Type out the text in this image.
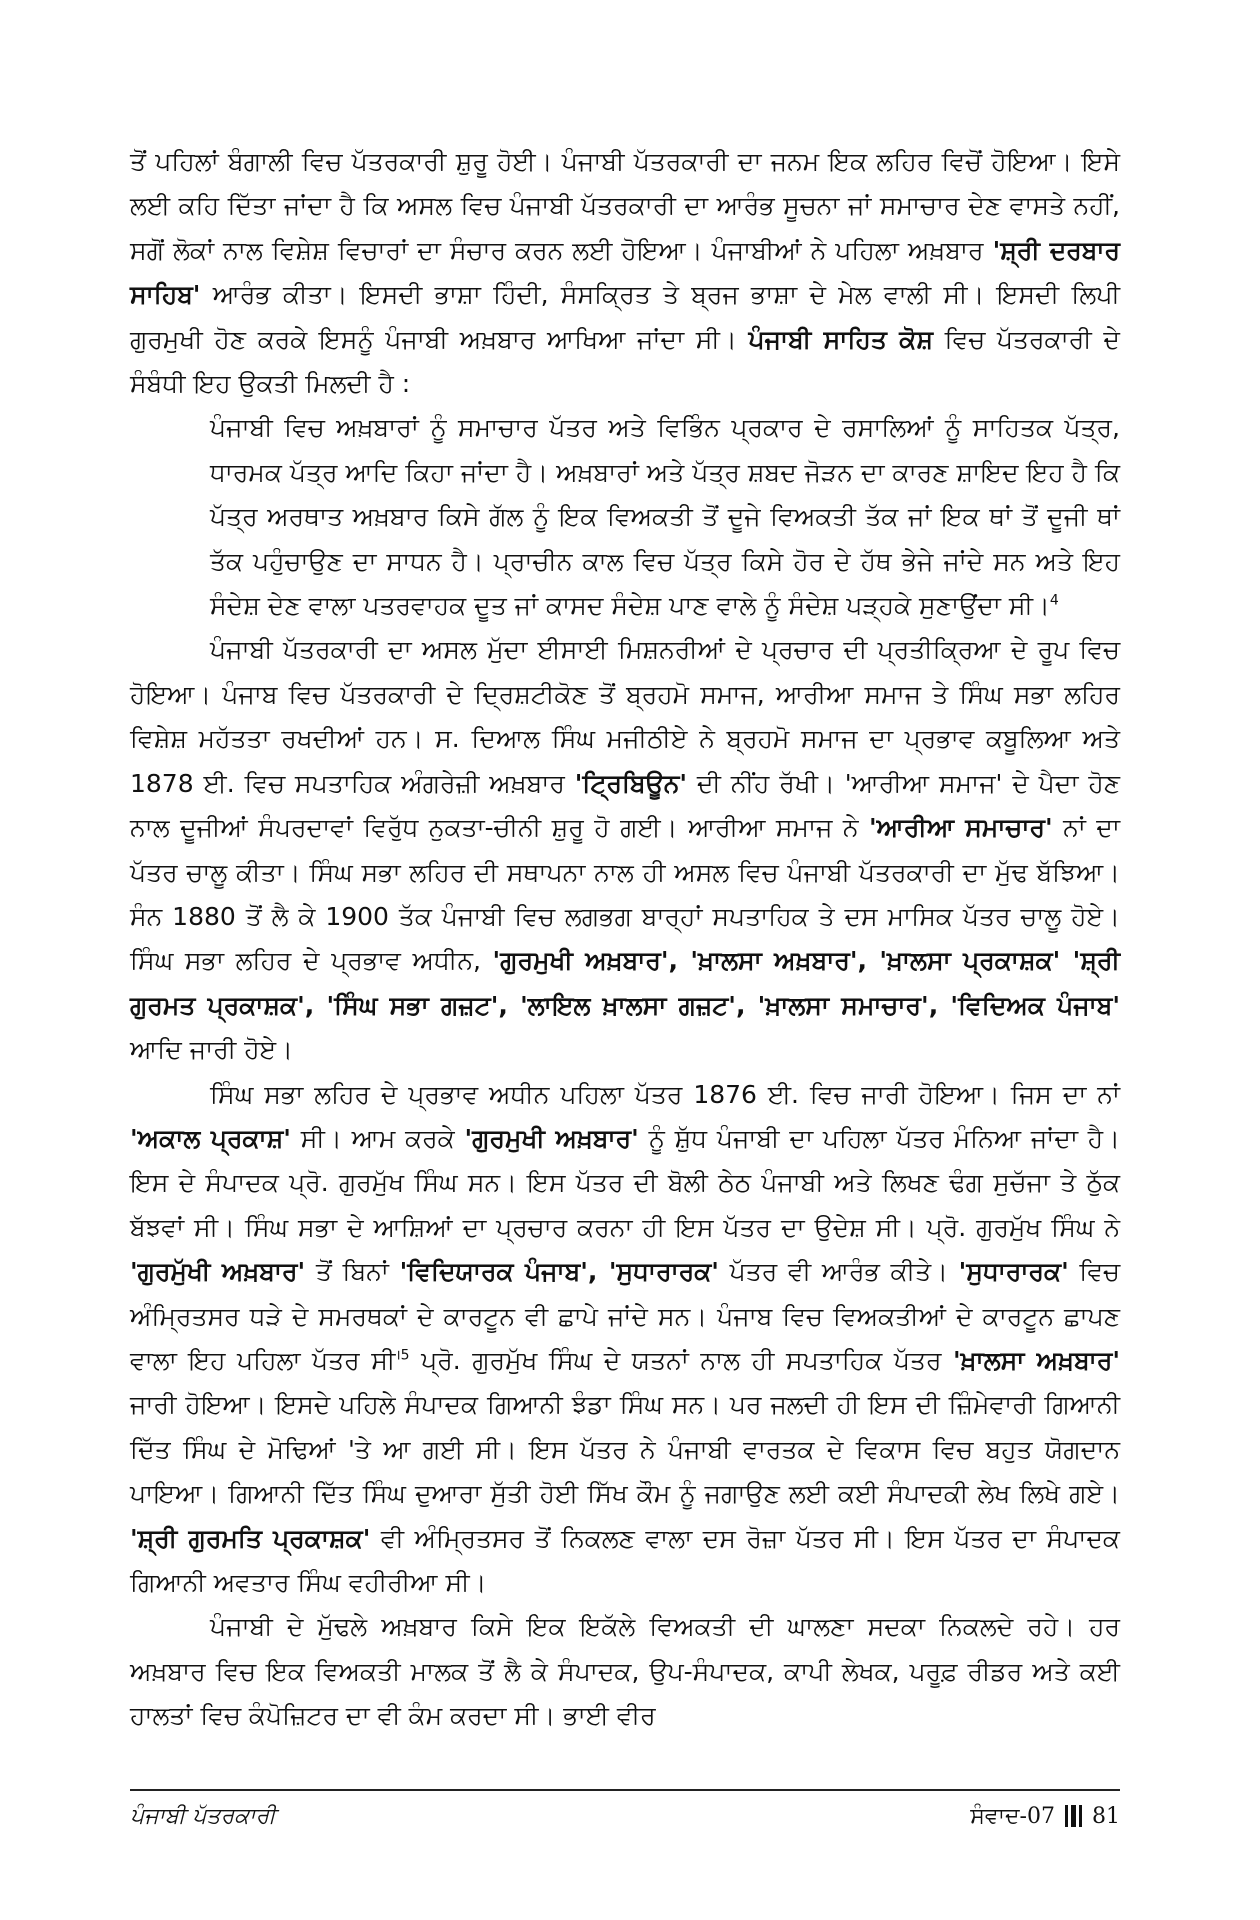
ਤੋਂ ਪਹਿਲਾਂ ਬੰਗਾਲੀ ਵਿਚ ਪੱਤਰਕਾਰੀ ਸ਼ੁਰੂ ਹੋਈ। ਪੰਜਾਬੀ ਪੱਤਰਕਾਰੀ ਦਾ ਜਨਮ ਇਕ ਲਹਿਰ ਵਿਚੋਂ ਹੋਇਆ। ਇਸੇ ਲਈ ਕਹਿ ਦਿੱਤਾ ਜਾਂਦਾ ਹੈ ਕਿ ਅਸਲ ਵਿਚ ਪੰਜਾਬੀ ਪੱਤਰਕਾਰੀ ਦਾ ਆਰੰਭ ਸੂਚਨਾ ਜਾਂ ਸਮਾਚਾਰ ਦੇਣ ਵਾਸਤੇ ਨਹੀਂ, ਸਗੋਂ ਲੋਕਾਂ ਨਾਲ ਵਿਸ਼ੇਸ਼ ਵਿਚਾਰਾਂ ਦਾ ਸੰਚਾਰ ਕਰਨ ਲਈ ਹੋਇਆ। ਪੰਜਾਬੀਆਂ ਨੇ ਪਹਿਲਾ ਅਖ਼ਬਾਰ 'ਸ਼੍ਰੀ ਦਰਬਾਰ ਸਾਹਿਬ' ਆਰੰਭ ਕੀਤਾ। ਇਸਦੀ ਭਾਸ਼ਾ ਹਿੰਦੀ, ਸੰਸਕ੍ਰਿਤ ਤੇ ਬ੍ਰਜ ਭਾਸ਼ਾ ਦੇ ਮੇਲ ਵਾਲੀ ਸੀ। ਇਸਦੀ ਲਿਪੀ ਗੁਰਮੁਖੀ ਹੋਣ ਕਰਕੇ ਇਸਨੂੰ ਪੰਜਾਬੀ ਅਖ਼ਬਾਰ ਆਖਿਆ ਜਾਂਦਾ ਸੀ। ਪੰਜਾਬੀ ਸਾਹਿਤ ਕੋਸ਼ ਵਿਚ ਪੱਤਰਕਾਰੀ ਦੇ ਸੰਬੰਧੀ ਇਹ ਉਕਤੀ ਮਿਲਦੀ ਹੈ :

ਪੰਜਾਬੀ ਵਿਚ ਅਖ਼ਬਾਰਾਂ ਨੂੰ ਸਮਾਚਾਰ ਪੱਤਰ ਅਤੇ ਵਿਭਿੰਨ ਪ੍ਰਕਾਰ ਦੇ ਰਸਾਲਿਆਂ ਨੂੰ ਸਾਹਿਤਕ ਪੱਤ੍ਰ, ਧਾਰਮਕ ਪੱਤ੍ਰ ਆਦਿ ਕਿਹਾ ਜਾਂਦਾ ਹੈ। ਅਖ਼ਬਾਰਾਂ ਅਤੇ ਪੱਤ੍ਰ ਸ਼ਬਦ ਜੋੜਨ ਦਾ ਕਾਰਣ ਸ਼ਾਇਦ ਇਹ ਹੈ ਕਿ ਪੱਤ੍ਰ ਅਰਥਾਤ ਅਖ਼ਬਾਰ ਕਿਸੇ ਗੱਲ ਨੂੰ ਇਕ ਵਿਅਕਤੀ ਤੋਂ ਦੂਜੇ ਵਿਅਕਤੀ ਤੱਕ ਜਾਂ ਇਕ ਥਾਂ ਤੋਂ ਦੂਜੀ ਥਾਂ ਤੱਕ ਪਹੁੰਚਾਉਣ ਦਾ ਸਾਧਨ ਹੈ। ਪ੍ਰਾਚੀਨ ਕਾਲ ਵਿਚ ਪੱਤ੍ਰ ਕਿਸੇ ਹੋਰ ਦੇ ਹੱਥ ਭੇਜੇ ਜਾਂਦੇ ਸਨ ਅਤੇ ਇਹ ਸੰਦੇਸ਼ ਦੇਣ ਵਾਲਾ ਪਤਰਵਾਹਕ ਦੂਤ ਜਾਂ ਕਾਸਦ ਸੰਦੇਸ਼ ਪਾਣ ਵਾਲੇ ਨੂੰ ਸੰਦੇਸ਼ ਪੜ੍ਹਕੇ ਸੁਣਾਉਂਦਾ ਸੀ।$^4$

ਪੰਜਾਬੀ ਪੱਤਰਕਾਰੀ ਦਾ ਅਸਲ ਮੁੱਦਾ ਈਸਾਈ ਮਿਸ਼ਨਰੀਆਂ ਦੇ ਪ੍ਰਚਾਰ ਦੀ ਪ੍ਰਤੀਕ੍ਰਿਆ ਦੇ ਰੂਪ ਵਿਚ ਹੋਇਆ। ਪੰਜਾਬ ਵਿਚ ਪੱਤਰਕਾਰੀ ਦੇ ਦ੍ਰਿਸ਼ਟੀਕੋਣ ਤੋਂ ਬ੍ਰਹਮੋ ਸਮਾਜ, ਆਰੀਆ ਸਮਾਜ ਤੇ ਸਿੰਘ ਸਭਾ ਲਹਿਰ ਵਿਸ਼ੇਸ਼ ਮਹੱਤਤਾ ਰਖਦੀਆਂ ਹਨ। ਸ. ਦਿਆਲ ਸਿੰਘ ਮਜੀਠੀਏ ਨੇ ਬ੍ਰਹਮੋ ਸਮਾਜ ਦਾ ਪ੍ਰਭਾਵ ਕਬੂਲਿਆ ਅਤੇ 1878 ਈ. ਵਿਚ ਸਪਤਾਹਿਕ ਅੰਗਰੇਜ਼ੀ ਅਖ਼ਬਾਰ 'ਟ੍ਰਿਬਿਊਨ' ਦੀ ਨੀਂਹ ਰੱਖੀ। 'ਆਰੀਆ ਸਮਾਜ' ਦੇ ਪੈਦਾ ਹੋਣ ਨਾਲ ਦੂਜੀਆਂ ਸੰਪਰਦਾਵਾਂ ਵਿਰੁੱਧ ਨੁਕਤਾ-ਚੀਨੀ ਸ਼ੁਰੂ ਹੋ ਗਈ। ਆਰੀਆ ਸਮਾਜ ਨੇ 'ਆਰੀਆ ਸਮਾਚਾਰ' ਨਾਂ ਦਾ ਪੱਤਰ ਚਾਲੂ ਕੀਤਾ। ਸਿੰਘ ਸਭਾ ਲਹਿਰ ਦੀ ਸਥਾਪਨਾ ਨਾਲ ਹੀ ਅਸਲ ਵਿਚ ਪੰਜਾਬੀ ਪੱਤਰਕਾਰੀ ਦਾ ਮੁੱਢ ਬੱਝਿਆ। ਸੰਨ 1880 ਤੋਂ ਲੈ ਕੇ 1900 ਤੱਕ ਪੰਜਾਬੀ ਵਿਚ ਲਗਭਗ ਬਾਰ੍ਹਾਂ ਸਪਤਾਹਿਕ ਤੇ ਦਸ ਮਾਸਿਕ ਪੱਤਰ ਚਾਲੂ ਹੋਏ। ਸਿੰਘ ਸਭਾ ਲਹਿਰ ਦੇ ਪ੍ਰਭਾਵ ਅਧੀਨ, 'ਗੁਰਮੁਖੀ ਅਖ਼ਬਾਰ', 'ਖ਼ਾਲਸਾ ਅਖ਼ਬਾਰ', 'ਖ਼ਾਲਸਾ ਪ੍ਰਕਾਸ਼ਕ' 'ਸ਼੍ਰੀ ਗੁਰਮਤ ਪ੍ਰਕਾਸ਼ਕ', 'ਸਿੰਘ ਸਭਾ ਗਜ਼ਟ', 'ਲਾਇਲ ਖ਼ਾਲਸਾ ਗਜ਼ਟ', 'ਖ਼ਾਲਸਾ ਸਮਾਚਾਰ', 'ਵਿਦਿਅਕ ਪੰਜਾਬ' ਆਦਿ ਜਾਰੀ ਹੋਏ।

ਸਿੰਘ ਸਭਾ ਲਹਿਰ ਦੇ ਪ੍ਰਭਾਵ ਅਧੀਨ ਪਹਿਲਾ ਪੱਤਰ 1876 ਈ. ਵਿਚ ਜਾਰੀ ਹੋਇਆ। ਜਿਸ ਦਾ ਨਾਂ 'ਅਕਾਲ ਪ੍ਰਕਾਸ਼' ਸੀ। ਆਮ ਕਰਕੇ 'ਗੁਰਮੁਖੀ ਅਖ਼ਬਾਰ' ਨੂੰ ਸ਼ੁੱਧ ਪੰਜਾਬੀ ਦਾ ਪਹਿਲਾ ਪੱਤਰ ਮੰਨਿਆ ਜਾਂਦਾ ਹੈ। ਇਸ ਦੇ ਸੰਪਾਦਕ ਪ੍ਰੋ. ਗੁਰਮੁੱਖ ਸਿੰਘ ਸਨ। ਇਸ ਪੱਤਰ ਦੀ ਬੋਲੀ ਠੇਠ ਪੰਜਾਬੀ ਅਤੇ ਲਿਖਣ ਢੰਗ ਸੁਚੱਜਾ ਤੇ ਠੁੱਕ ਬੱਝਵਾਂ ਸੀ। ਸਿੰਘ ਸਭਾ ਦੇ ਆਸ਼ਿਆਂ ਦਾ ਪ੍ਰਚਾਰ ਕਰਨਾ ਹੀ ਇਸ ਪੱਤਰ ਦਾ ਉਦੇਸ਼ ਸੀ। ਪ੍ਰੋ. ਗੁਰਮੁੱਖ ਸਿੰਘ ਨੇ 'ਗੁਰਮੁੱਖੀ ਅਖ਼ਬਾਰ' ਤੋਂ ਬਿਨਾਂ 'ਵਿਦਿਯਾਰਕ ਪੰਜਾਬ', 'ਸੁਧਾਰਾਰਕ' ਪੱਤਰ ਵੀ ਆਰੰਭ ਕੀਤੇ। 'ਸੁਧਾਰਾਰਕ' ਵਿਚ ਅੰਮ੍ਰਿਤਸਰ ਧੜੇ ਦੇ ਸਮਰਥਕਾਂ ਦੇ ਕਾਰਟੂਨ ਵੀ ਛਾਪੇ ਜਾਂਦੇ ਸਨ। ਪੰਜਾਬ ਵਿਚ ਵਿਅਕਤੀਆਂ ਦੇ ਕਾਰਟੂਨ ਛਾਪਣ ਵਾਲਾ ਇਹ ਪਹਿਲਾ ਪੱਤਰ ਸੀ$^{।5}$ ਪ੍ਰੋ. ਗੁਰਮੁੱਖ ਸਿੰਘ ਦੇ ਯਤਨਾਂ ਨਾਲ ਹੀ ਸਪਤਾਹਿਕ ਪੱਤਰ 'ਖ਼ਾਲਸਾ ਅਖ਼ਬਾਰ' ਜਾਰੀ ਹੋਇਆ। ਇਸਦੇ ਪਹਿਲੇ ਸੰਪਾਦਕ ਗਿਆਨੀ ਝੰਡਾ ਸਿੰਘ ਸਨ। ਪਰ ਜਲਦੀ ਹੀ ਇਸ ਦੀ ਜ਼ਿੰਮੇਵਾਰੀ ਗਿਆਨੀ ਦਿੱਤ ਸਿੰਘ ਦੇ ਮੋਢਿਆਂ 'ਤੇ ਆ ਗਈ ਸੀ। ਇਸ ਪੱਤਰ ਨੇ ਪੰਜਾਬੀ ਵਾਰਤਕ ਦੇ ਵਿਕਾਸ ਵਿਚ ਬਹੁਤ ਯੋਗਦਾਨ ਪਾਇਆ। ਗਿਆਨੀ ਦਿੱਤ ਸਿੰਘ ਦੁਆਰਾ ਸੁੱਤੀ ਹੋਈ ਸਿੱਖ ਕੌਮ ਨੂੰ ਜਗਾਉਣ ਲਈ ਕਈ ਸੰਪਾਦਕੀ ਲੇਖ ਲਿਖੇ ਗਏ। 'ਸ਼੍ਰੀ ਗੁਰਮਤਿ ਪ੍ਰਕਾਸ਼ਕ' ਵੀ ਅੰਮ੍ਰਿਤਸਰ ਤੋਂ ਨਿਕਲਣ ਵਾਲਾ ਦਸ ਰੋਜ਼ਾ ਪੱਤਰ ਸੀ। ਇਸ ਪੱਤਰ ਦਾ ਸੰਪਾਦਕ ਗਿਆਨੀ ਅਵਤਾਰ ਸਿੰਘ ਵਹੀਰੀਆ ਸੀ।

ਪੰਜਾਬੀ ਦੇ ਮੁੱਢਲੇ ਅਖ਼ਬਾਰ ਕਿਸੇ ਇਕ ਇਕੱਲੇ ਵਿਅਕਤੀ ਦੀ ਘਾਲਣਾ ਸਦਕਾ ਨਿਕਲਦੇ ਰਹੇ। ਹਰ ਅਖ਼ਬਾਰ ਵਿਚ ਇਕ ਵਿਅਕਤੀ ਮਾਲਕ ਤੋਂ ਲੈ ਕੇ ਸੰਪਾਦਕ, ਉਪ-ਸੰਪਾਦਕ, ਕਾਪੀ ਲੇਖਕ, ਪਰੂਫ਼ ਰੀਡਰ ਅਤੇ ਕਈ ਹਾਲਤਾਂ ਵਿਚ ਕੰਪੋਜ਼ਿਟਰ ਦਾ ਵੀ ਕੰਮ ਕਰਦਾ ਸੀ। ਭਾਈ ਵੀਰ

ਪੰਜਾਬੀ ਪੱਤਰਕਾਰੀ	ਸੰਵਾਦ-07 81
